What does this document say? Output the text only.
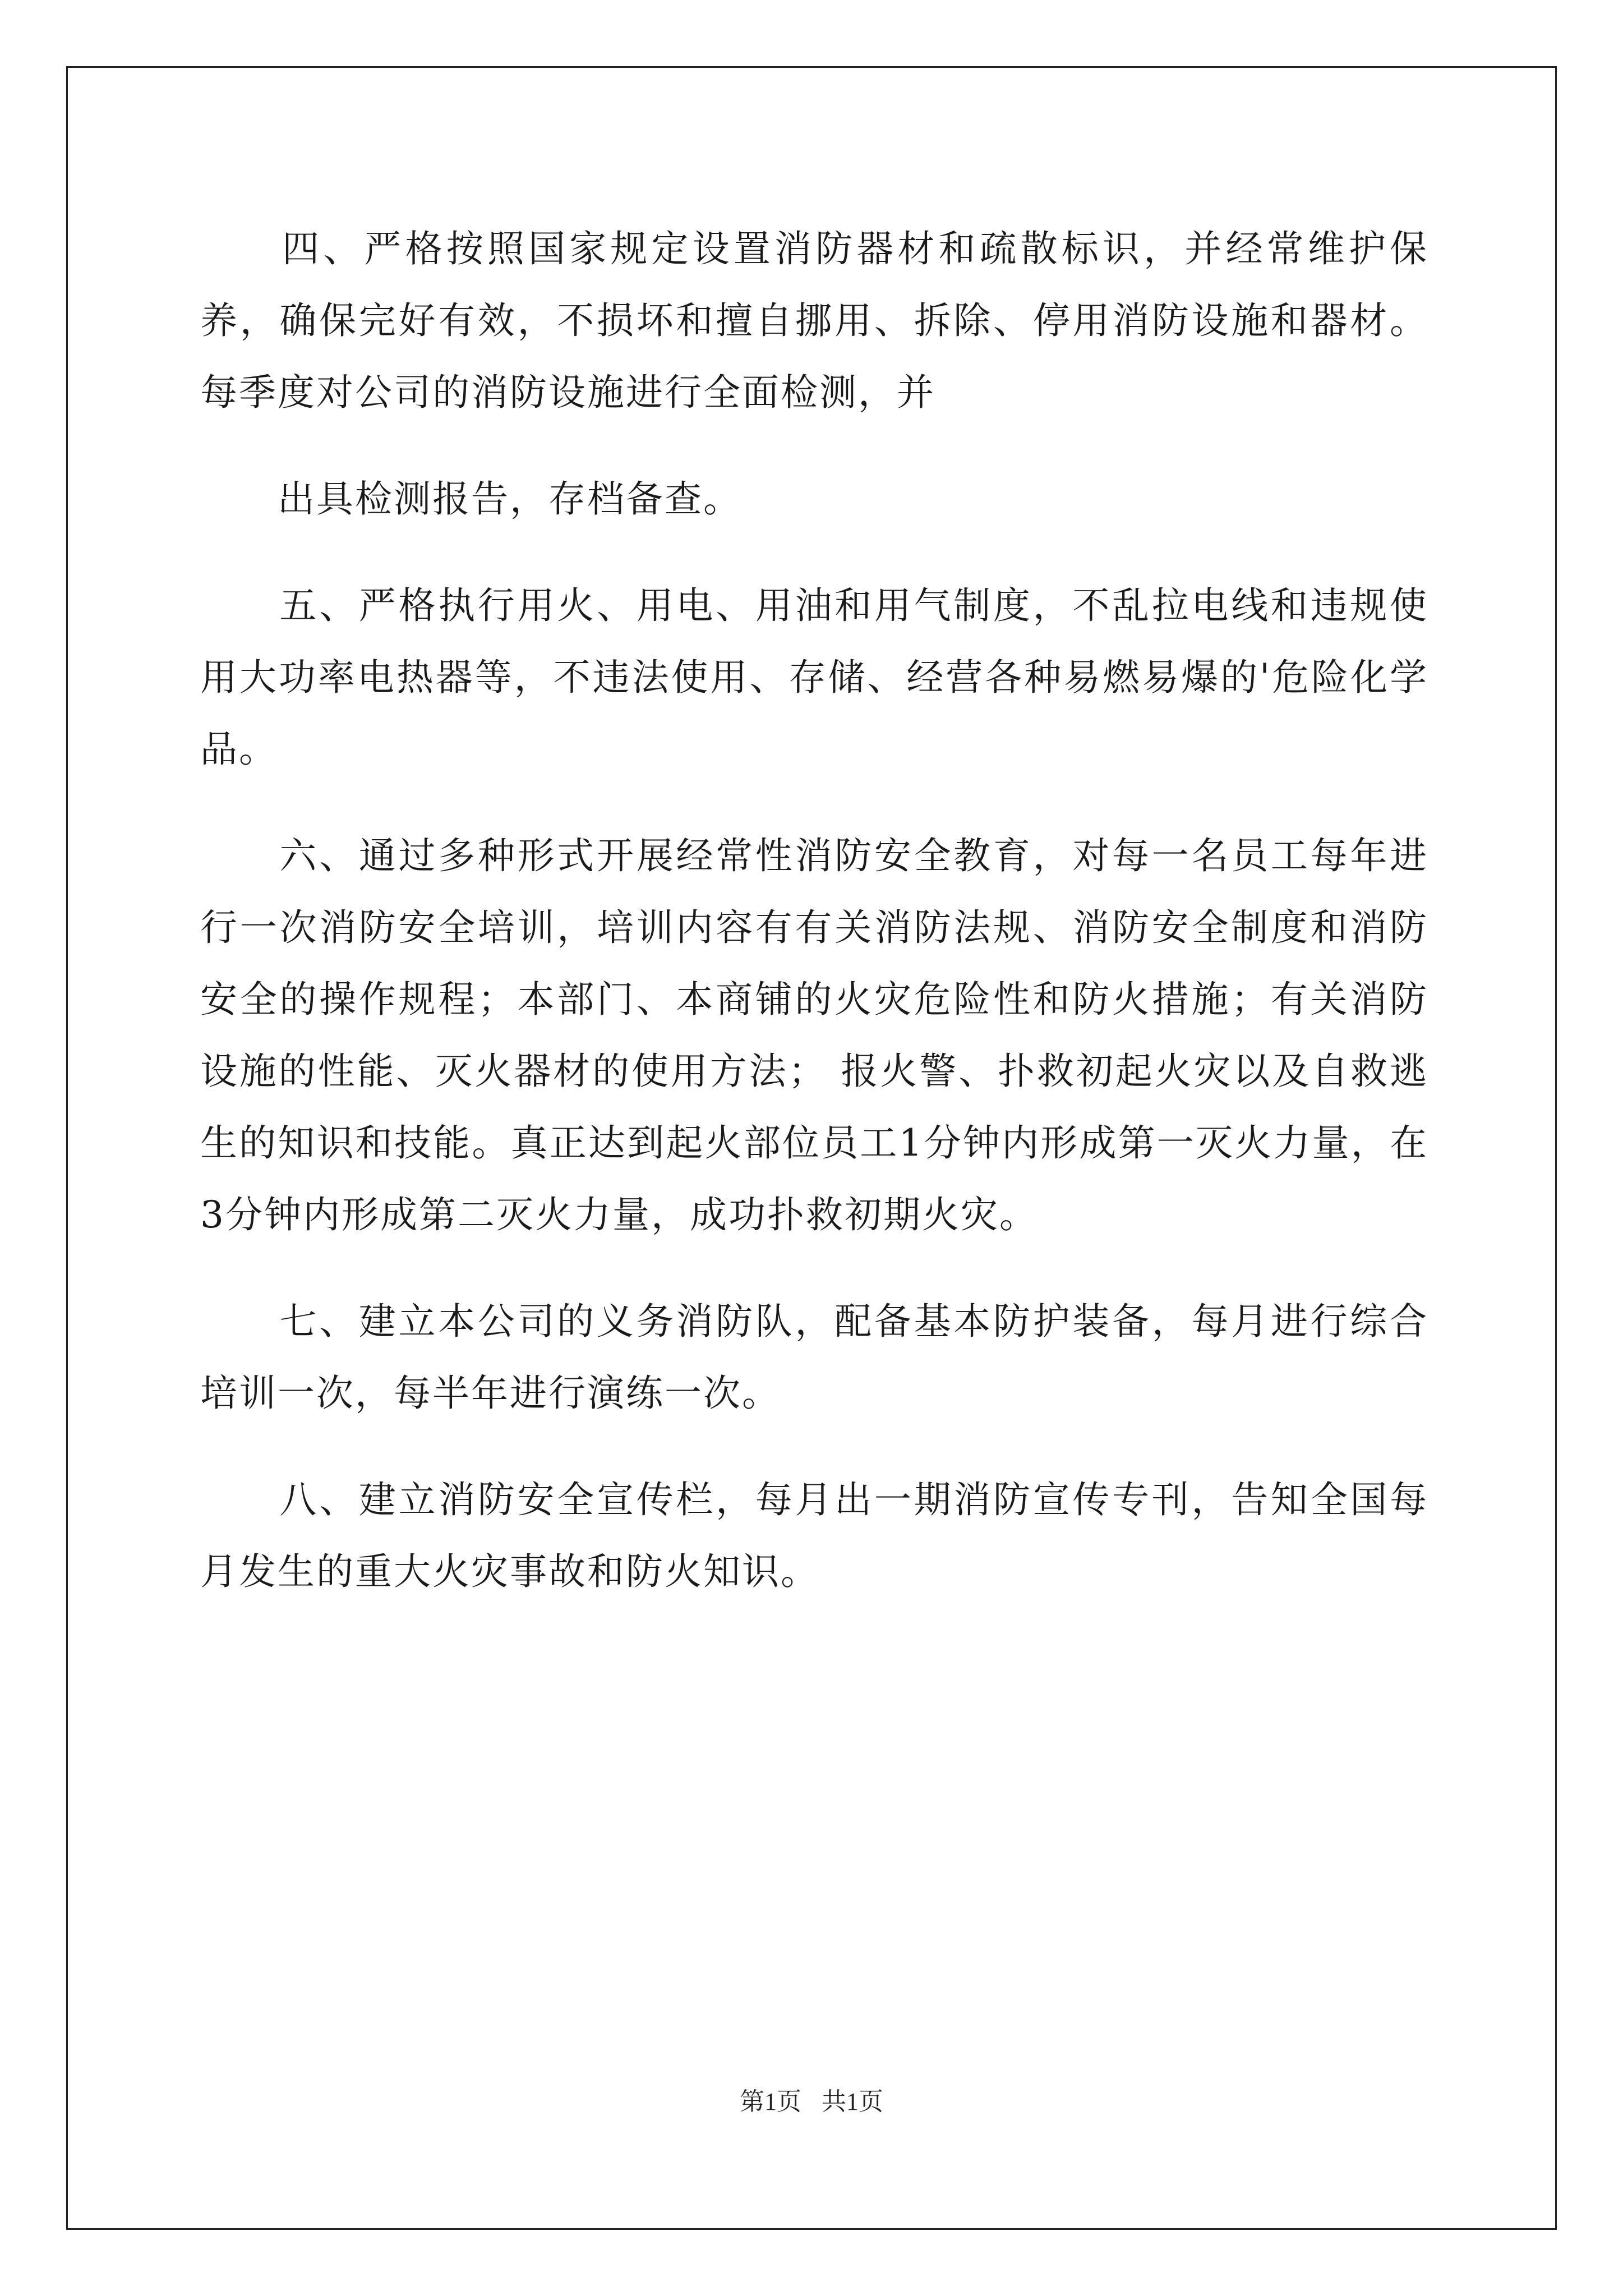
　　四、严格按照国家规定设置消防器材和疏散标识，并经常维护保养，确保完好有效，不损坏和擅自挪用、拆除、停用消防设施和器材。每季度对公司的消防设施进行全面检测，并

　　出具检测报告，存档备查。

　　五、严格执行用火、用电、用油和用气制度，不乱拉电线和违规使用大功率电热器等，不违法使用、存储、经营各种易燃易爆的'危险化学品。

　　六、通过多种形式开展经常性消防安全教育，对每一名员工每年进行一次消防安全培训，培训内容有有关消防法规、消防安全制度和消防安全的操作规程；本部门、本商铺的火灾危险性和防火措施；有关消防设施的性能、灭火器材的使用方法； 报火警、扑救初起火灾以及自救逃生的知识和技能。真正达到起火部位员工1分钟内形成第一灭火力量，在3分钟内形成第二灭火力量，成功扑救初期火灾。

　　七、建立本公司的义务消防队，配备基本防护装备，每月进行综合培训一次，每半年进行演练一次。

　　八、建立消防安全宣传栏，每月出一期消防宣传专刊，告知全国每月发生的重大火灾事故和防火知识。

第1页 共1页
